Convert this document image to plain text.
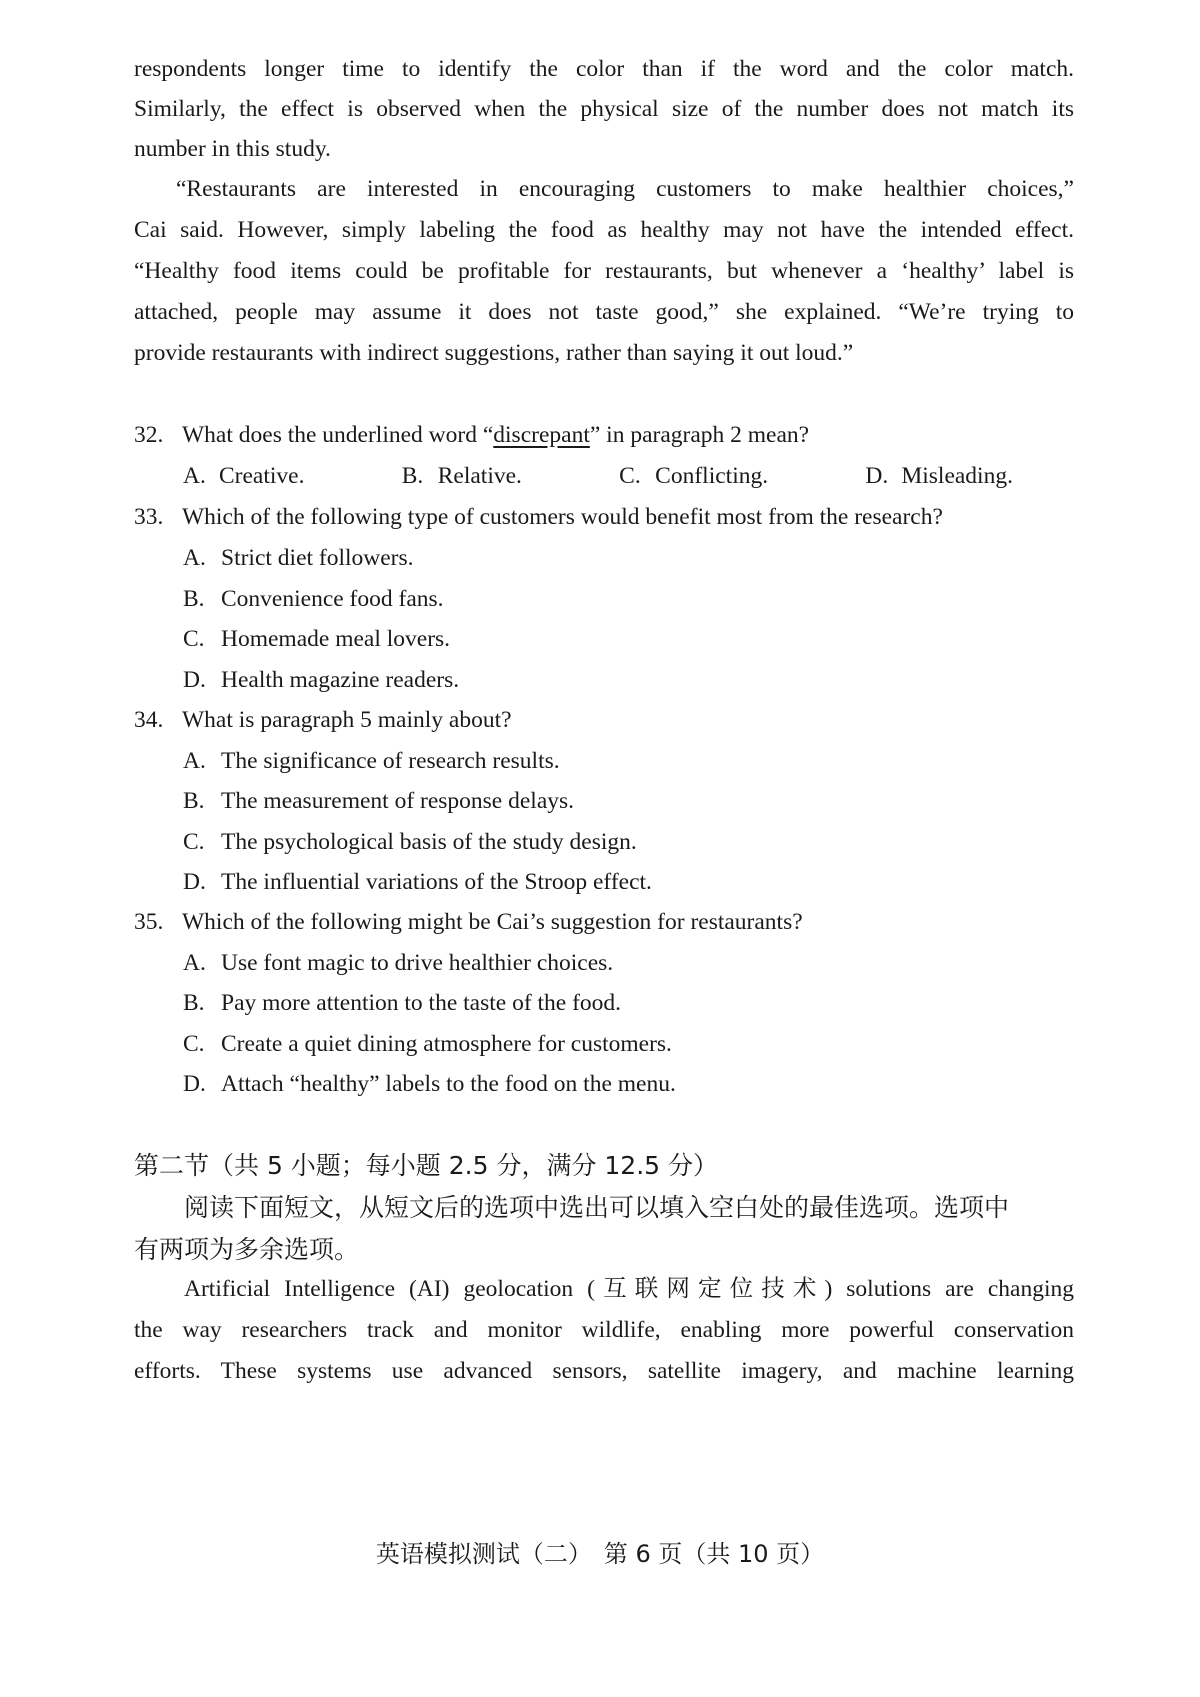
respondents longer time to identify the color than if the word and the color match.
Similarly, the effect is observed when the physical size of the number does not match its
number in this study.
“Restaurants are interested in encouraging customers to make healthier choices,”
Cai said. However, simply labeling the food as healthy may not have the intended effect.
“Healthy food items could be profitable for restaurants, but whenever a ‘healthy’ label is
attached, people may assume it does not taste good,” she explained. “We’re trying to
provide restaurants with indirect suggestions, rather than saying it out loud.”
32. What does the underlined word “discrepant” in paragraph 2 mean?
A. Creative.	B. Relative.	C. Conflicting.	D. Misleading.
33. Which of the following type of customers would benefit most from the research?
A. Strict diet followers.
B. Convenience food fans.
C. Homemade meal lovers.
D. Health magazine readers.
34. What is paragraph 5 mainly about?
A. The significance of research results.
B. The measurement of response delays.
C. The psychological basis of the study design.
D. The influential variations of the Stroop effect.
35. Which of the following might be Cai’s suggestion for restaurants?
A. Use font magic to drive healthier choices.
B. Pay more attention to the taste of the food.
C. Create a quiet dining atmosphere for customers.
D. Attach “healthy” labels to the food on the menu.
第二节（共 5 小题；每小题 2.5 分，满分 12.5 分）
阅读下面短文，从短文后的选项中选出可以填入空白处的最佳选项。选项中
有两项为多余选项。
Artificial Intelligence (AI) geolocation (互联网定位技术) solutions are changing
the way researchers track and monitor wildlife, enabling more powerful conservation
efforts. These systems use advanced sensors, satellite imagery, and machine learning
英语模拟测试（二）　第 6 页（共 10 页）
